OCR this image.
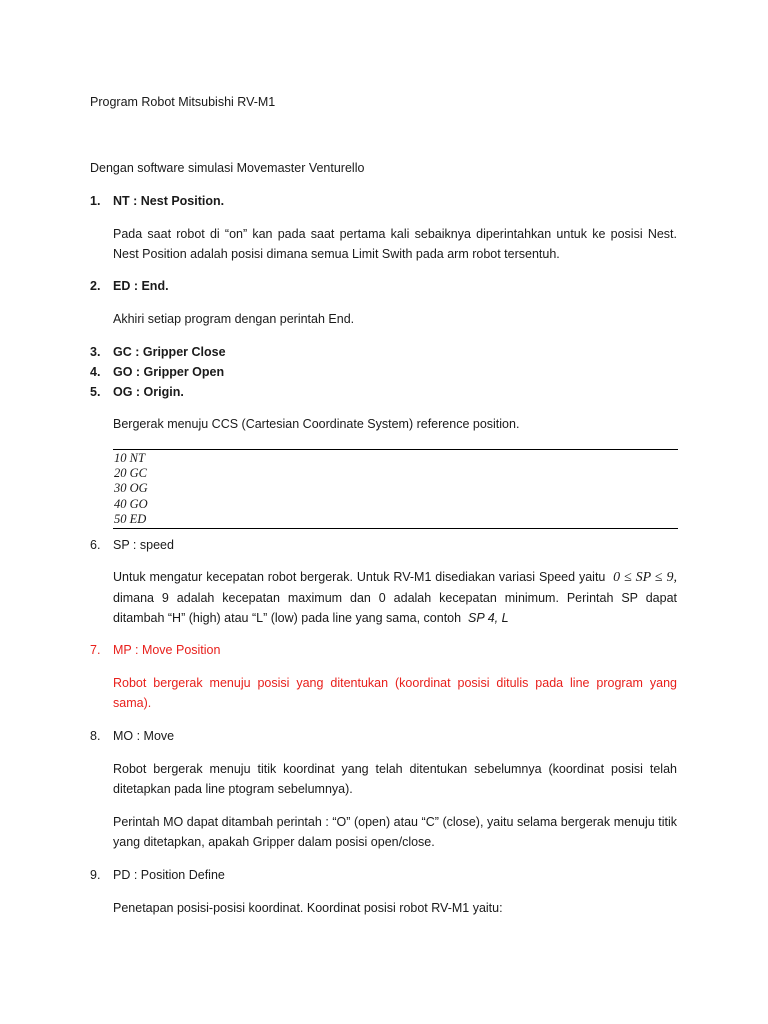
Program Robot Mitsubishi RV-M1
Dengan software simulasi Movemaster Venturello
1. NT : Nest Position.
Pada saat robot di “on” kan pada saat pertama kali sebaiknya diperintahkan untuk ke posisi Nest. Nest Position adalah posisi dimana semua Limit Swith pada arm robot tersentuh.
2. ED : End.
Akhiri setiap program dengan perintah End.
3. GC : Gripper Close
4. GO : Gripper Open
5. OG : Origin.
Bergerak menuju CCS (Cartesian Coordinate System) reference position.
10 NT
20 GC
30 OG
40 GO
50 ED
6. SP : speed
Untuk mengatur kecepatan robot bergerak. Untuk RV-M1 disediakan variasi Speed yaitu 0 ≤ SP ≤ 9, dimana 9 adalah kecepatan maximum dan 0 adalah kecepatan minimum. Perintah SP dapat ditambah “H” (high) atau “L” (low) pada line yang sama, contoh SP 4, L
7. MP : Move Position
Robot bergerak menuju posisi yang ditentukan (koordinat posisi ditulis pada line program yang sama).
8. MO : Move
Robot bergerak menuju titik koordinat yang telah ditentukan sebelumnya (koordinat posisi telah ditetapkan pada line ptogram sebelumnya).
Perintah MO dapat ditambah perintah : “O” (open) atau “C” (close), yaitu selama bergerak menuju titik yang ditetapkan, apakah Gripper dalam posisi open/close.
9. PD : Position Define
Penetapan posisi-posisi koordinat. Koordinat posisi robot RV-M1 yaitu:
